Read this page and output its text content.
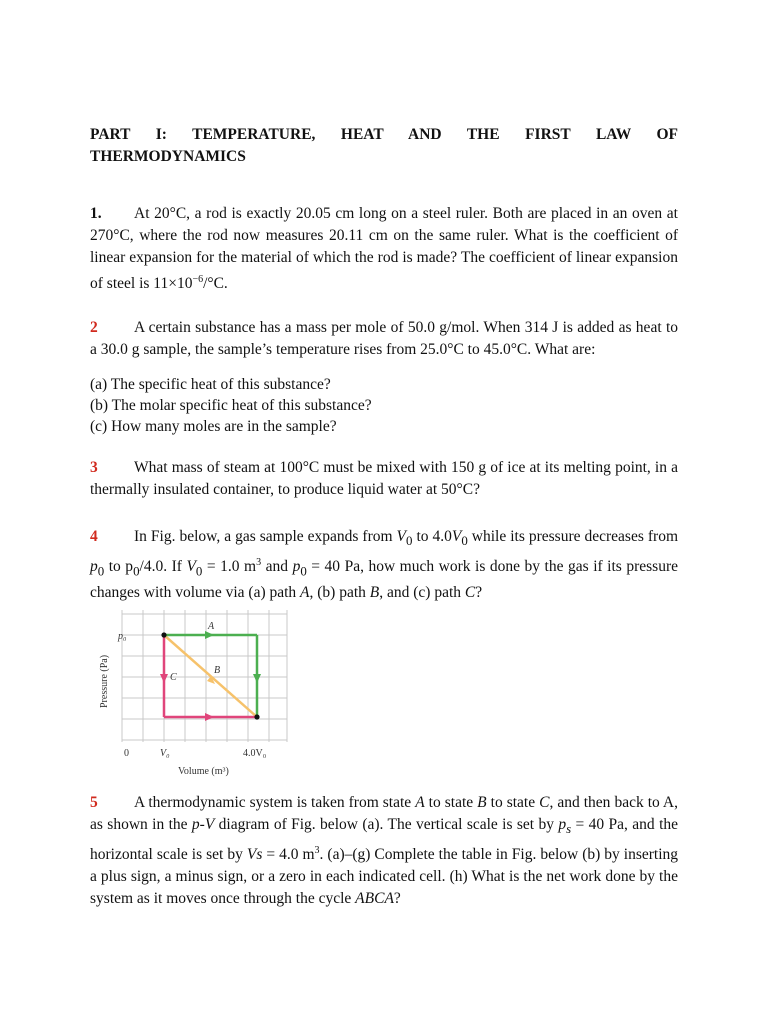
PART I: TEMPERATURE, HEAT AND THE FIRST LAW OF
THERMODYNAMICS

1. At 20°C, a rod is exactly 20.05 cm long on a steel ruler. Both are placed in an oven at 270°C, where the rod now measures 20.11 cm on the same ruler. What is the coefficient of linear expansion for the material of which the rod is made? The coefficient of linear expansion of steel is $11\times 10^{-6}/^\circ C$.

2 A certain substance has a mass per mole of 50.0 g/mol. When 314 J is added as heat to a 30.0 g sample, the sample’s temperature rises from 25.0°C to 45.0°C. What are:

(a) The specific heat of this substance?
(b) The molar specific heat of this substance?
(c) How many moles are in the sample?

3 What mass of steam at 100°C must be mixed with 150 g of ice at its melting point, in a thermally insulated container, to produce liquid water at 50°C?

4 In Fig. below, a gas sample expands from $V_0$ to $4.0V_0$ while its pressure decreases from $p_0$ to $p_0/4.0$. If $V_0 = 1.0$ $m^3$ and $p_0 = 40$ Pa, how much work is done by the gas if its pressure changes with volume via (a) path A, (b) path B, and (c) path C?

A
B
C
p₀
0	V₀	4.0V₀
Volume (m³)
Pressure (Pa)

5 A thermodynamic system is taken from state A to state B to state C, and then back to A, as shown in the p-V diagram of Fig. below (a). The vertical scale is set by $p_s = 40$ Pa, and the horizontal scale is set by Vs = 4.0 $m^3$. (a)–(g) Complete the table in Fig. below (b) by inserting a plus sign, a minus sign, or a zero in each indicated cell. (h) What is the net work done by the system as it moves once through the cycle ABCA?
